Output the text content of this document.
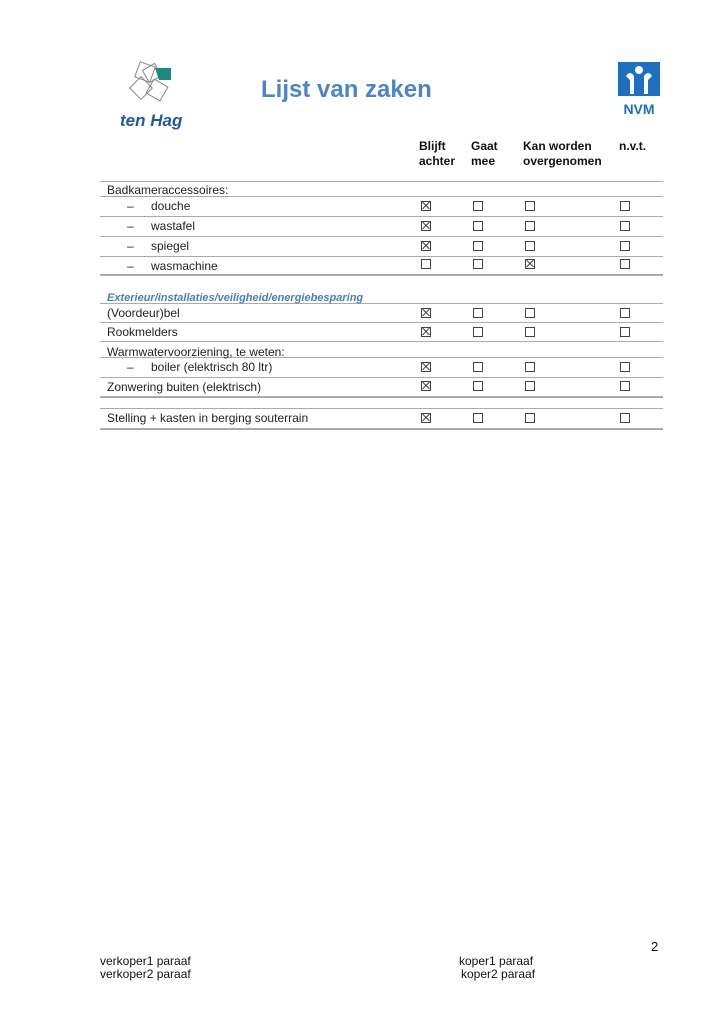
ten Hag
Lijst van zaken
NVM
Blijft
achter
Gaat
mee
Kan worden
overgenomen
n.v.t.
Badkameraccessoires:
– douche
– wastafel
– spiegel
– wasmachine
Exterieur/installaties/veiligheid/energiebesparing
(Voordeur)bel
Rookmelders
Warmwatervoorziening, te weten:
– boiler (elektrisch 80 ltr)
Zonwering buiten (elektrisch)
Stelling + kasten in berging souterrain
2
verkoper1 paraaf
verkoper2 paraaf
koper1 paraaf
koper2 paraaf
